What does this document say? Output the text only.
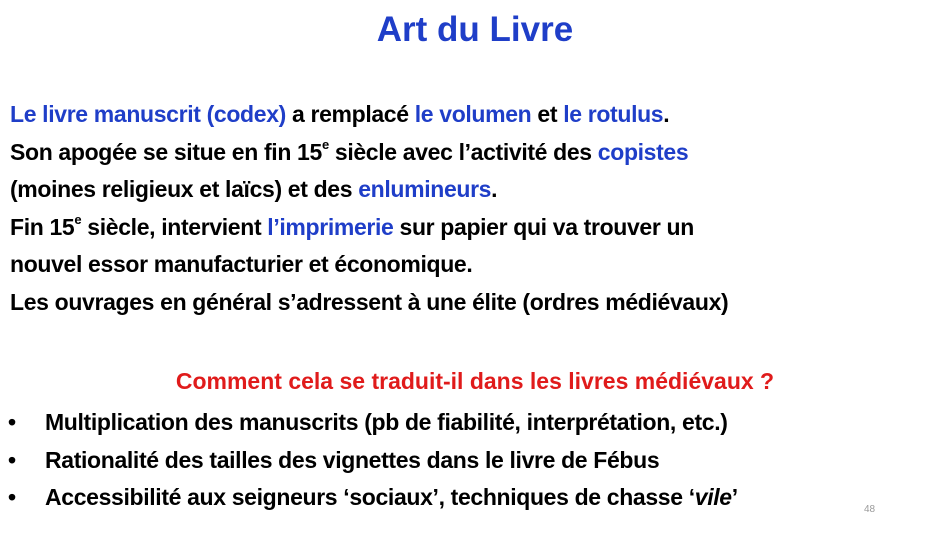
Art du Livre
Le livre manuscrit (codex) a remplacé le volumen et le rotulus.
Son apogée se situe en fin 15e siècle avec l’activité des copistes
(moines religieux et laïcs) et des enlumineurs.
Fin 15e siècle, intervient l’imprimerie sur papier qui va trouver un
nouvel essor manufacturier et économique.
Les ouvrages en général s’adressent à une élite (ordres médiévaux)
Comment cela se traduit-il dans les livres médiévaux ?
• Multiplication des manuscrits (pb de fiabilité, interprétation, etc.)
• Rationalité des tailles des vignettes dans le livre de Fébus
• Accessibilité aux seigneurs ‘sociaux’, techniques de chasse ‘vile’	48
